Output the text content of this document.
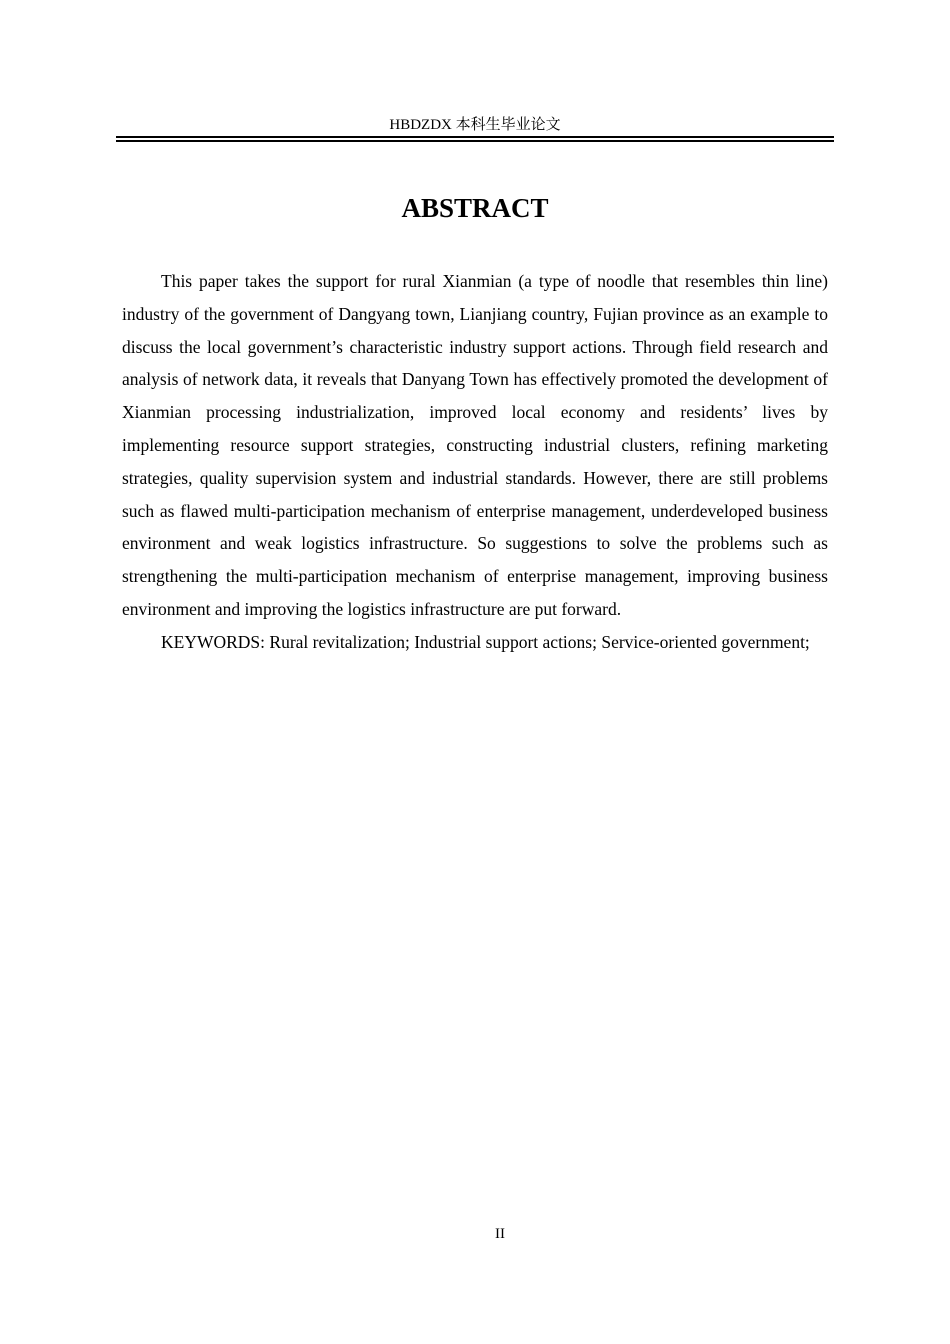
HBDZDX 本科生毕业论文
ABSTRACT

This paper takes the support for rural Xianmian (a type of noodle that resembles thin line) industry of the government of Dangyang town, Lianjiang country, Fujian province as an example to discuss the local government’s characteristic industry support actions. Through field research and analysis of network data, it reveals that Danyang Town has effectively promoted the development of Xianmian processing industrialization, improved local economy and residents’ lives by implementing resource support strategies, constructing industrial clusters, refining marketing strategies, quality supervision system and industrial standards. However, there are still problems such as flawed multi-participation mechanism of enterprise management, underdeveloped business environment and weak logistics infrastructure. So suggestions to solve the problems such as strengthening the multi-participation mechanism of enterprise management, improving business environment and improving the logistics infrastructure are put forward.

KEYWORDS: Rural revitalization; Industrial support actions; Service-oriented government;

II
